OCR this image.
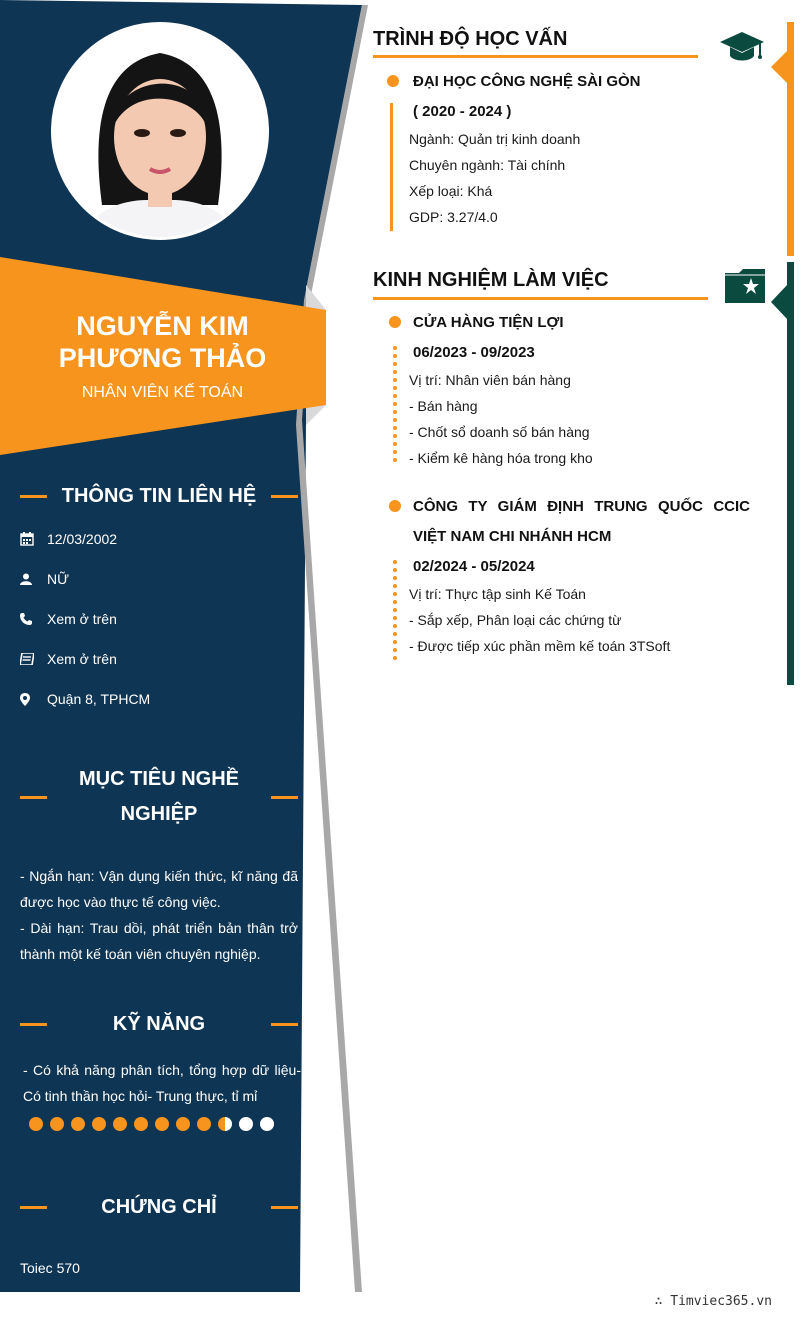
NGUYỄN KIM
PHƯƠNG THẢO
NHÂN VIÊN KẾ TOÁN
THÔNG TIN LIÊN HỆ
12/03/2002
NỮ
Xem ở trên
Xem ở trên
Quận 8, TPHCM
MỤC TIÊU NGHỀ
NGHIỆP
- Ngắn hạn: Vận dụng kiến thức, kĩ năng đã được học vào thực tế công việc.
- Dài hạn: Trau dồi, phát triển bản thân trở thành một kế toán viên chuyên nghiệp.
KỸ NĂNG
- Có khả năng phân tích, tổng hợp dữ liệu- Có tinh thần học hỏi- Trung thực, tỉ mỉ
CHỨNG CHỈ
Toiec 570
TRÌNH ĐỘ HỌC VẤN
ĐẠI HỌC CÔNG NGHỆ SÀI GÒN
( 2020 - 2024 )
Ngành: Quản trị kinh doanh
Chuyên ngành: Tài chính
Xếp loại: Khá
GDP: 3.27/4.0
KINH NGHIỆM LÀM VIỆC
CỬA HÀNG TIỆN LỢI
06/2023 - 09/2023
Vị trí: Nhân viên bán hàng
- Bán hàng
- Chốt sổ doanh số bán hàng
- Kiểm kê hàng hóa trong kho
CÔNG TY GIÁM ĐỊNH TRUNG QUỐC CCIC
VIỆT NAM CHI NHÁNH HCM
02/2024 - 05/2024
Vị trí: Thực tập sinh Kế Toán
- Sắp xếp, Phân loại các chứng từ
- Được tiếp xúc phần mềm kế toán 3TSoft
∴ Timviec365.vn
